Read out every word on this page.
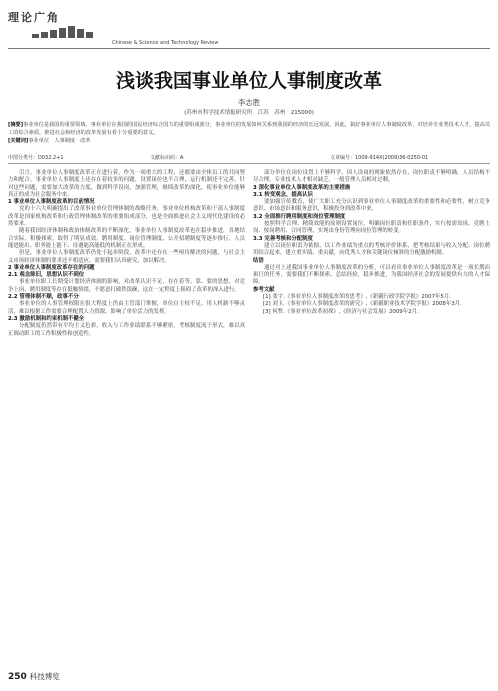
理论广角
Chinese & Science and Technology Review
浅谈我国事业单位人事制度改革
李志胜
(苏州市科学技术情报研究所　江苏　苏州　215000)
[摘要]事业单位是我国的重要领域，事业单位在我国的国民经济综合国力的重要组成部分，事业单位的发展如何关系到我国的经济的长远发展，因此，搞好事业单位人事制度改革，对培养专业类技术人才，提高员工的综合素质，推进社会和经济的改革发展有着十分重要的意义。
[关键词]事业单位　人事制度　改革
中图分类号：D032.2+1	文献标识码：A	文章编号：1009-914X(2009)36-0250-01

引言。事业单位人事制度改革正在进行着，作为一项重大的工程，还都要由全体员工的共同努力和配合。事业单位人事制度上还存在着较多的问题，设置岗位也不合理，运行机制还不完善，针对这些问题，需要加大改革的力度，做到科学设岗，加强管理，继续改革的深化，使事业单位能够真正的成为社会服务中来。

1 事业单位人事制度改革的目前情况

党的十六大明确提出了改革事业单位管理体制的战略任务，事业单位机构改革和干部人事制度改革是国家机构改革和行政管理体制改革的重要组成部分，也是全面推进社会主义现代化建设的必然要求。

随着我国经济体制和政治体制改革的不断深化，事业单位人事制度改革也在稳步推进，各地结合实际，积极探索，取得了明显成效。聘用制度、岗位管理制度、公开招聘制度等逐步推行，人员能进能出、职务能上能下、待遇能高能低的机制正在形成。

但是，事业单位人事制度改革仍处于起步阶段，改革中还存在一些亟待解决的问题，与社会主义市场经济体制的要求还不相适应，需要我们认真研究，加以解决。

2 事业单位人事制度改革存在的问题

2.1 观念陈旧，思想认识不到位

事业单位职工长期受计划经济体制的影响，对改革认识不足，存在着等、靠、要的思想，对竞争上岗、聘用制度等存在抵触情绪，不愿意打破铁饭碗，这在一定程度上阻碍了改革的深入进行。

2.2 管理体制不顺，政事不分

事业单位的人事管理权限在很大程度上仍由主管部门掌握，单位自主权不足，用人机制不够灵活，难以根据工作需要合理配置人力资源，影响了单位活力的发挥。

2.3 激励机制和约束机制不健全

分配制度仍然带有平均主义色彩，收入与工作业绩联系不够紧密，考核制度流于形式，难以真正调动职工的工作积极性和创造性。

部分单位在岗位设置上不够科学，因人设岗的现象依然存在，岗位职责不够明确，人员结构不尽合理，专业技术人才相对缺乏，一般管理人员相对过剩。

3 深化事业单位人事制度改革的主要措施

3.1 转变观念，提高认识

要加强宣传教育，使广大职工充分认识到事业单位人事制度改革的重要性和必要性，树立竞争意识、市场意识和服务意识，积极投身到改革中来。

3.2 全面推行聘用制度和岗位管理制度

按照科学合理、精简效能的原则设置岗位，明确岗位职责和任职条件，实行按需设岗、竞聘上岗、按岗聘用、合同管理，实现由身份管理向岗位管理的转变。

3.3 完善考核和分配制度

建立以岗位职责为依据、以工作业绩为重点的考核评价体系，把考核结果与收入分配、岗位聘用结合起来，建立重实绩、重贡献，向优秀人才和关键岗位倾斜的分配激励机制。

结语

通过对上述我国事业单位人事制度改革的分析，可以看出事业单位人事制度改革是一项长期而艰巨的任务，需要我们不断探索、总结经验，稳步推进，为我国经济社会的发展提供有力的人才保障。

参考文献

[1] 张宇.《事业单位人事制度改革的思考》,《新疆行政学院学报》2007年5月.

[2] 刘玉.《事业单位人事制度改革的研究》,《新疆职业技术学院学报》2008年3月.

[3] 何哲.《事业单位改革初探》,《经济与社会发展》2009年2月.

250 科技博览
